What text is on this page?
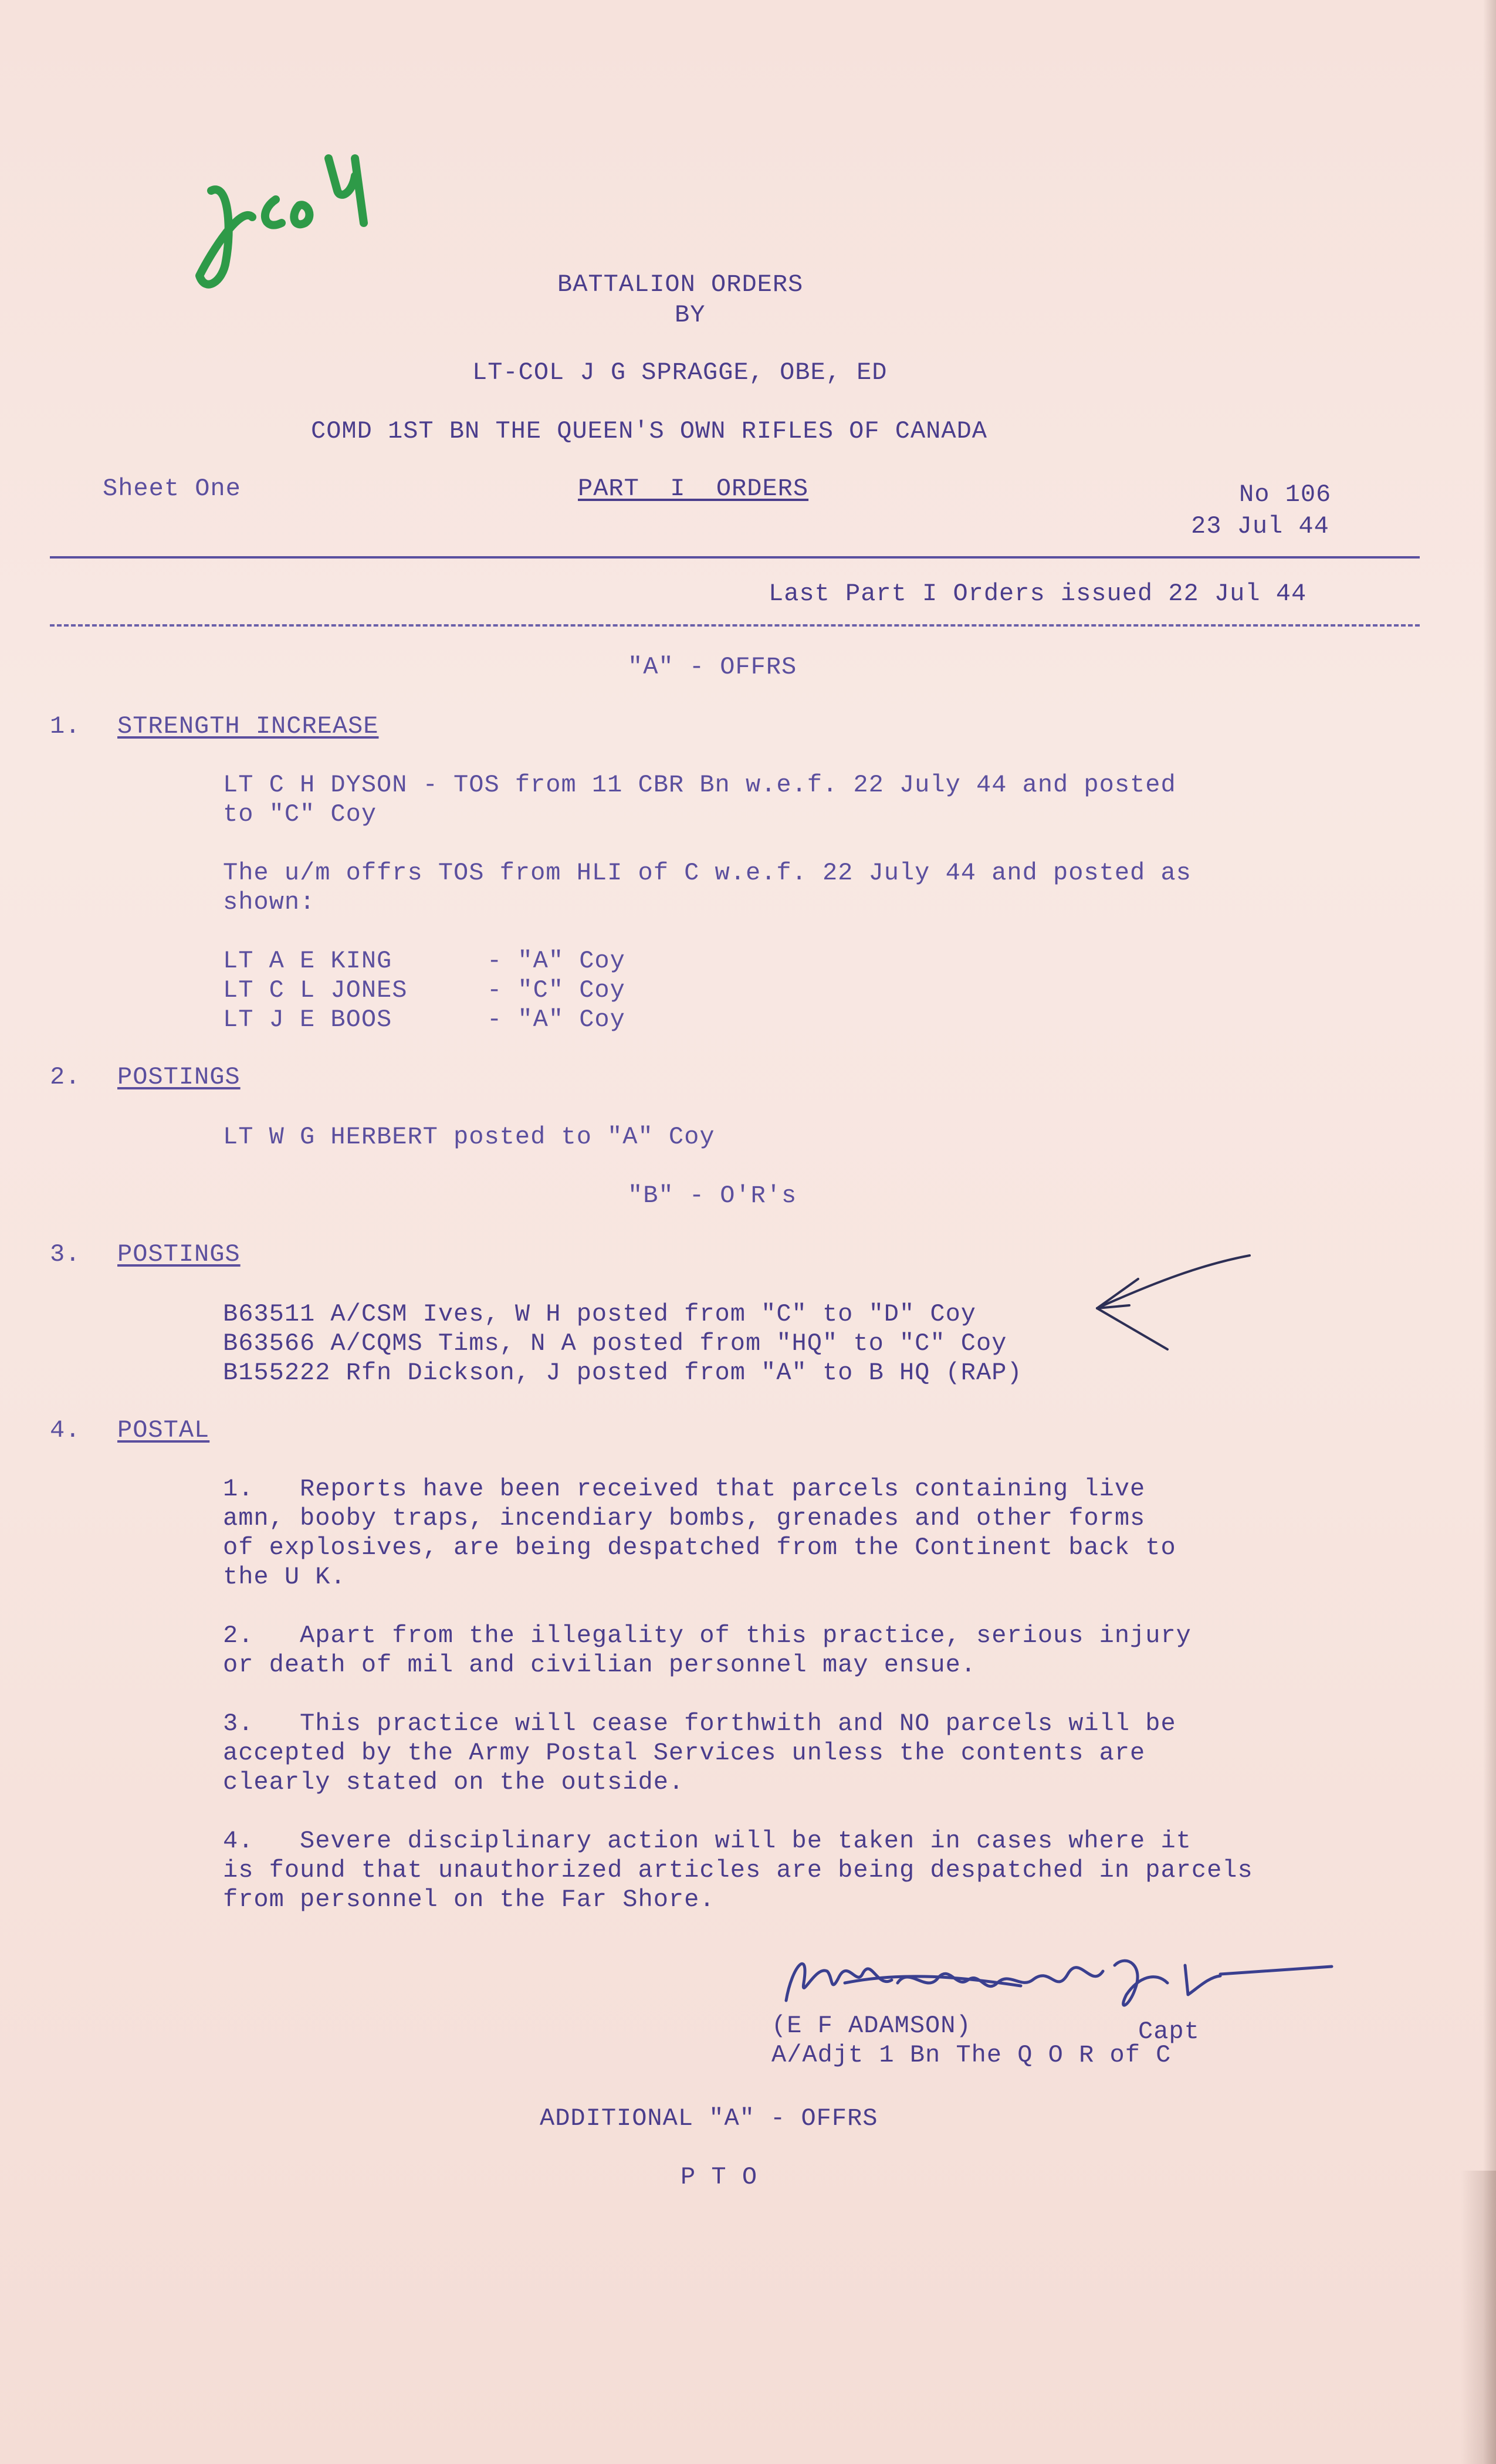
BATTALION ORDERS
BY
LT-COL J G SPRAGGE, OBE, ED
COMD 1ST BN THE QUEEN'S OWN RIFLES OF CANADA
Sheet One	PART  I  ORDERS	No 106
23 Jul 44
Last Part I Orders issued 22 Jul 44
"A" - OFFRS
1. STRENGTH INCREASE
LT C H DYSON - TOS from 11 CBR Bn w.e.f. 22 July 44 and posted
to "C" Coy
The u/m offrs TOS from HLI of C w.e.f. 22 July 44 and posted as
shown:
LT A E KING	- "A" Coy
LT C L JONES	- "C" Coy
LT J E BOOS	- "A" Coy
2. POSTINGS
LT W G HERBERT posted to "A" Coy
"B" - O'R's
3. POSTINGS
B63511 A/CSM Ives, W H posted from "C" to "D" Coy
B63566 A/CQMS Tims, N A posted from "HQ" to "C" Coy
B155222 Rfn Dickson, J posted from "A" to B HQ (RAP)
4. POSTAL
1.   Reports have been received that parcels containing live
amn, booby traps, incendiary bombs, grenades and other forms
of explosives, are being despatched from the Continent back to
the U K.
2.   Apart from the illegality of this practice, serious injury
or death of mil and civilian personnel may ensue.
3.   This practice will cease forthwith and NO parcels will be
accepted by the Army Postal Services unless the contents are
clearly stated on the outside.
4.   Severe disciplinary action will be taken in cases where it
is found that unauthorized articles are being despatched in parcels
from personnel on the Far Shore.
(E F ADAMSON)	Capt
A/Adjt 1 Bn The Q O R of C
ADDITIONAL "A" - OFFRS
P T O
